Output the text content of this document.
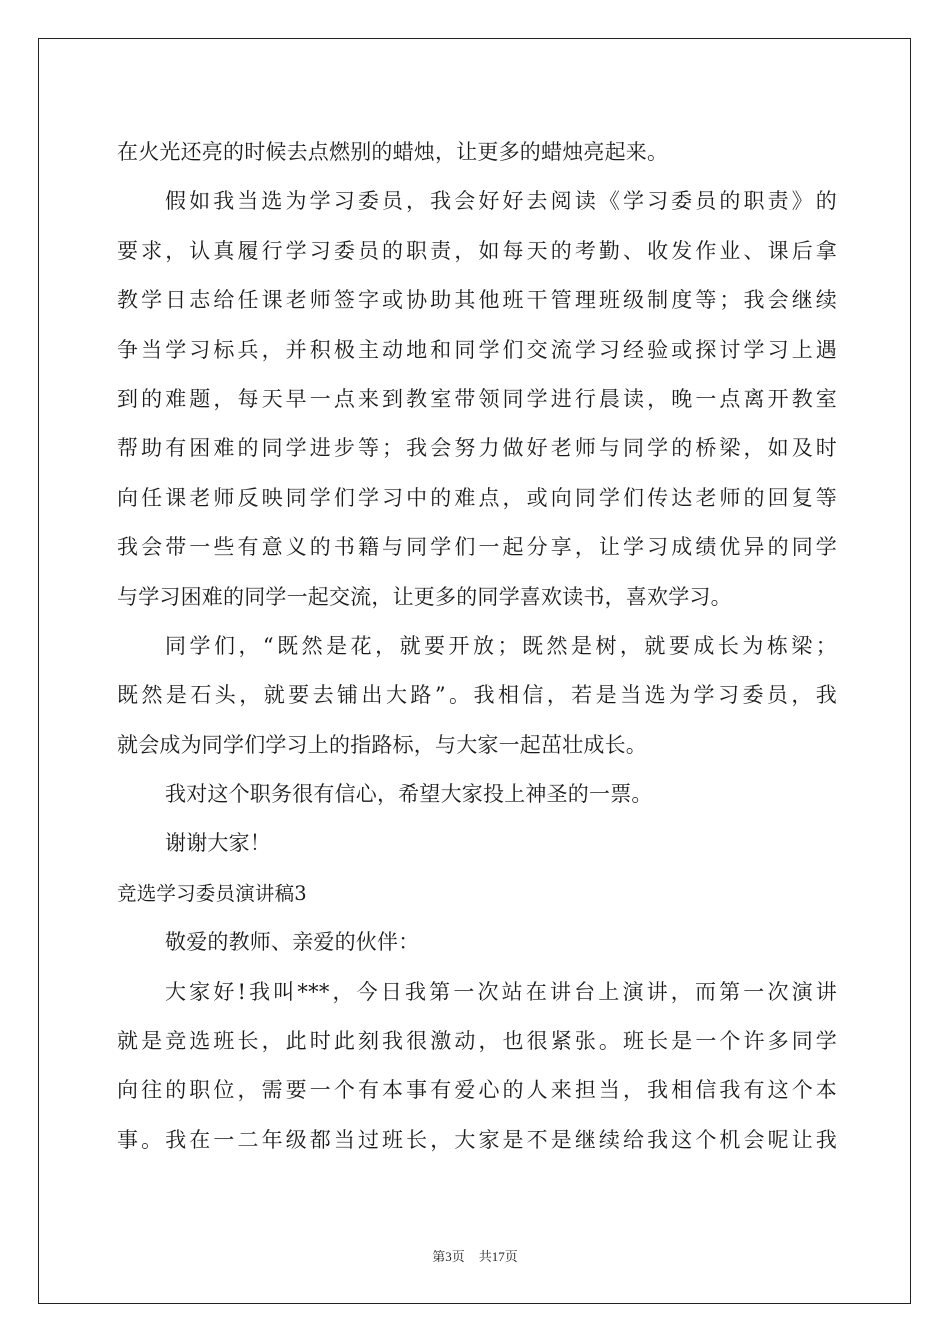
在火光还亮的时候去点燃别的蜡烛，让更多的蜡烛亮起来。
假如我当选为学习委员，我会好好去阅读《学习委员的职责》的
要求，认真履行学习委员的职责，如每天的考勤、收发作业、课后拿
教学日志给任课老师签字或协助其他班干管理班级制度等；我会继续
争当学习标兵，并积极主动地和同学们交流学习经验或探讨学习上遇
到的难题，每天早一点来到教室带领同学进行晨读，晚一点离开教室
帮助有困难的同学进步等；我会努力做好老师与同学的桥梁，如及时
向任课老师反映同学们学习中的难点，或向同学们传达老师的回复等
我会带一些有意义的书籍与同学们一起分享，让学习成绩优异的同学
与学习困难的同学一起交流，让更多的同学喜欢读书，喜欢学习。
同学们，“既然是花，就要开放；既然是树，就要成长为栋梁；
既然是石头，就要去铺出大路”。我相信，若是当选为学习委员，我
就会成为同学们学习上的指路标，与大家一起茁壮成长。
我对这个职务很有信心，希望大家投上神圣的一票。
谢谢大家！
竞选学习委员演讲稿3
敬爱的教师、亲爱的伙伴：
大家好!我叫***，今日我第一次站在讲台上演讲，而第一次演讲
就是竞选班长，此时此刻我很激动，也很紧张。班长是一个许多同学
向往的职位，需要一个有本事有爱心的人来担当，我相信我有这个本
事。我在一二年级都当过班长，大家是不是继续给我这个机会呢让我
第3页 共17页
